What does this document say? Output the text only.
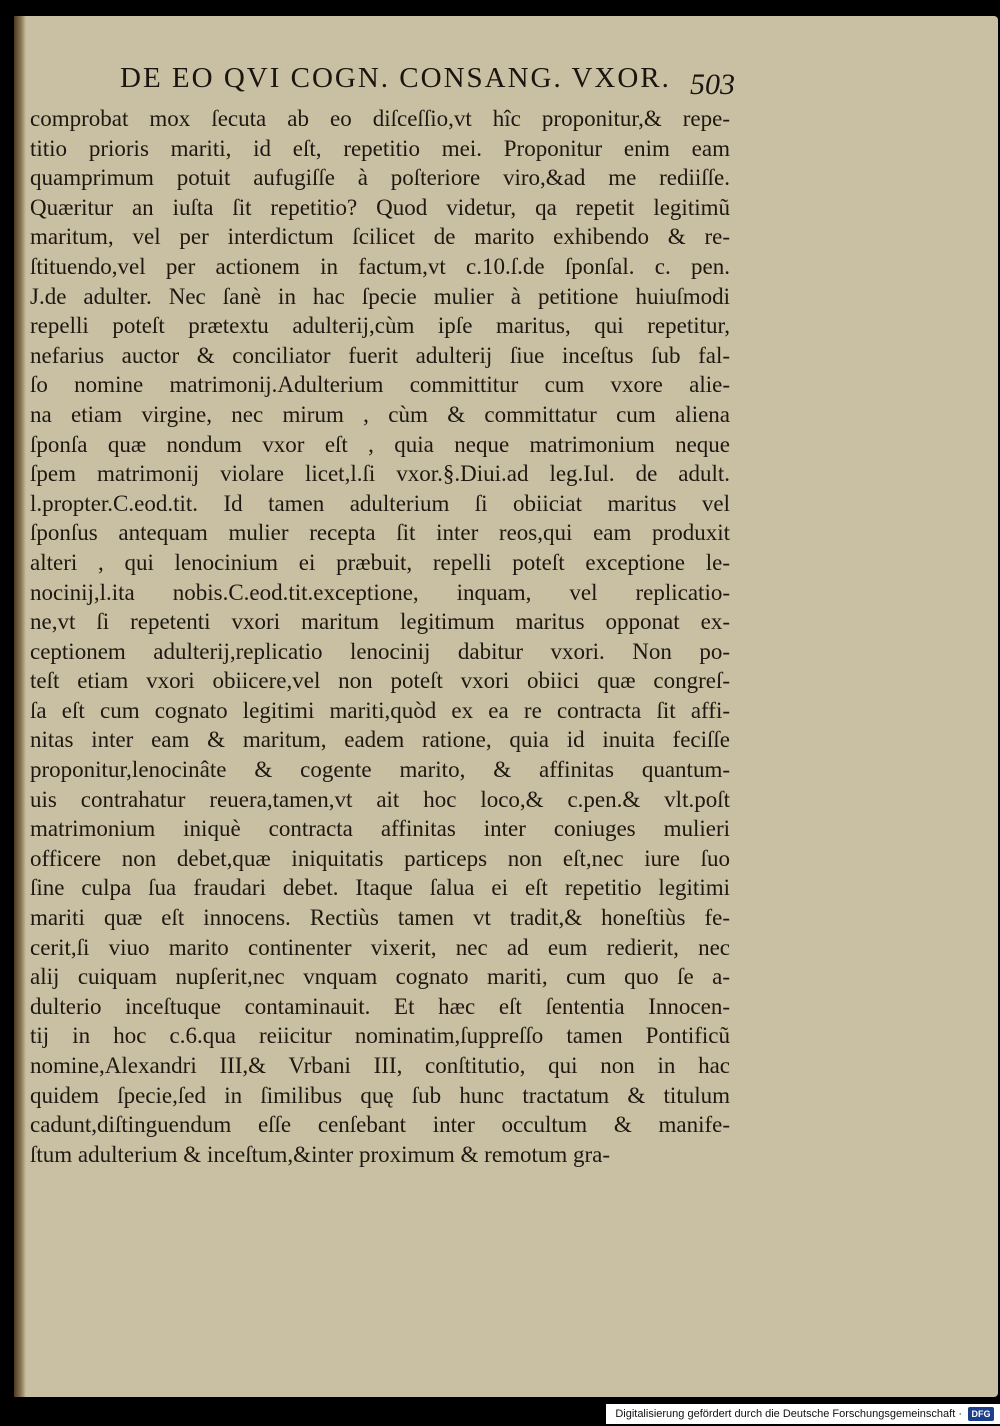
DE EO QVI COGN. CONSANG. VXOR. 503
comprobat mox ſecuta ab eo diſceſſio,vt hîc proponitur,& repe-
titio prioris mariti, id eſt, repetitio mei. Proponitur enim eam
quamprimum potuit aufugiſſe à poſteriore viro,&ad me rediiſſe.
Quæritur an iuſta ſit repetitio? Quod videtur, qa repetit legitimũ
maritum, vel per interdictum ſcilicet de marito exhibendo & re-
ſtituendo,vel per actionem in factum,vt c.10.ſ.de ſponſal. c. pen.
J.de adulter. Nec ſanè in hac ſpecie mulier à petitione huiuſmodi
repelli poteſt prætextu adulterij,cùm ipſe maritus, qui repetitur,
nefarius auctor & conciliator fuerit adulterij ſiue inceſtus ſub fal-
ſo nomine matrimonij.Adulterium committitur cum vxore alie-
na etiam virgine, nec mirum , cùm & committatur cum aliena
ſponſa quæ nondum vxor eſt , quia neque matrimonium neque
ſpem matrimonij violare licet,l.ſi vxor.§.Diui.ad leg.Iul. de adult.
l.propter.C.eod.tit. Id tamen adulterium ſi obiiciat maritus vel
ſponſus antequam mulier recepta ſit inter reos,qui eam produxit
alteri , qui lenocinium ei præbuit, repelli poteſt exceptione le-
nocinij,l.ita nobis.C.eod.tit.exceptione, inquam, vel replicatio-
ne,vt ſi repetenti vxori maritum legitimum maritus opponat ex-
ceptionem adulterij,replicatio lenocinij dabitur vxori. Non po-
teſt etiam vxori obiicere,vel non poteſt vxori obiici quæ congreſ-
ſa eſt cum cognato legitimi mariti,quòd ex ea re contracta ſit affi-
nitas inter eam & maritum, eadem ratione, quia id inuita feciſſe
proponitur,lenocinâte & cogente marito, & affinitas quantum-
uis contrahatur reuera,tamen,vt ait hoc loco,& c.pen.& vlt.poſt
matrimonium iniquè contracta affinitas inter coniuges mulieri
officere non debet,quæ iniquitatis particeps non eſt,nec iure ſuo
ſine culpa ſua fraudari debet. Itaque ſalua ei eſt repetitio legitimi
mariti quæ eſt innocens. Rectiùs tamen vt tradit,& honeſtiùs fe-
cerit,ſi viuo marito continenter vixerit, nec ad eum redierit, nec
alij cuiquam nupſerit,nec vnquam cognato mariti, cum quo ſe a-
dulterio inceſtuque contaminauit. Et hæc eſt ſententia Innocen-
tij in hoc c.6.qua reiicitur nominatim,ſuppreſſo tamen Pontificũ
nomine,Alexandri III,& Vrbani III, conſtitutio, qui non in hac
quidem ſpecie,ſed in ſimilibus quę ſub hunc tractatum & titulum
cadunt,diſtinguendum eſſe cenſebant inter occultum & manife-
ſtum adulterium & inceſtum,&inter proximum & remotum gra-
Digitalisierung gefördert durch die Deutsche Forschungsgemeinschaft ·	DFG
